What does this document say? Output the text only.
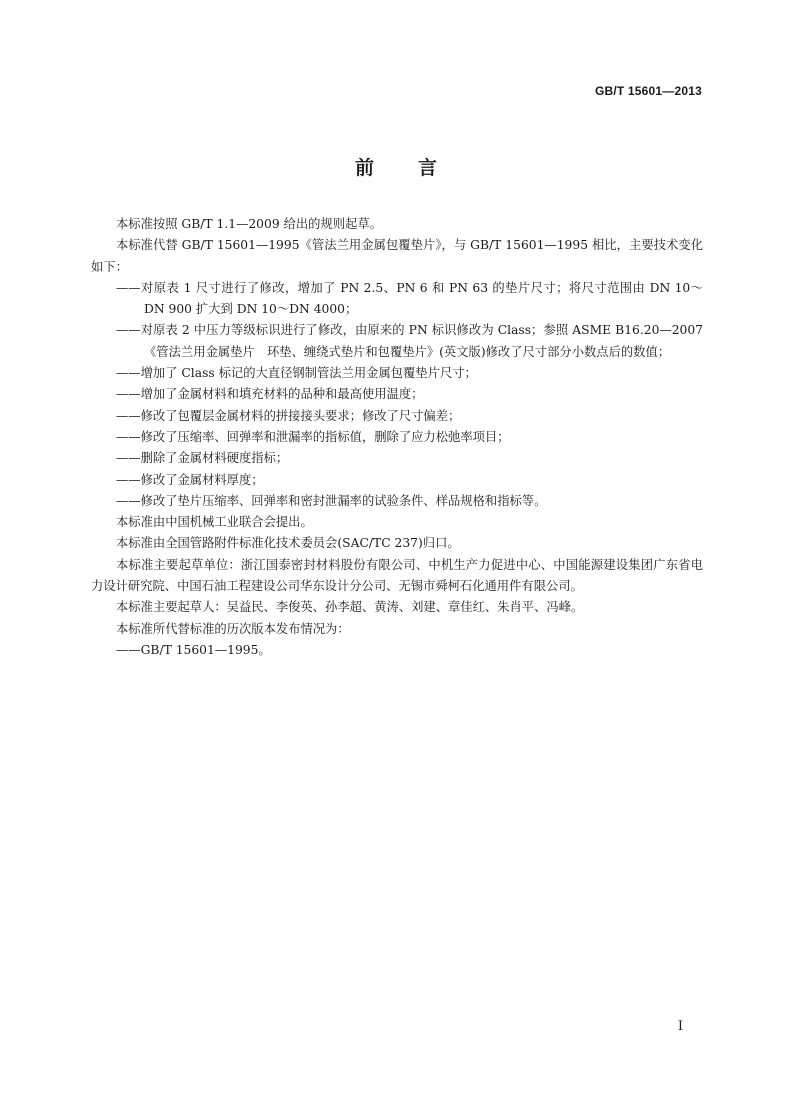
GB/T 15601—2013
前言

本标准按照 GB/T 1.1—2009 给出的规则起草。

本标准代替 GB/T 15601—1995《管法兰用金属包覆垫片》，与 GB/T 15601—1995 相比，主要技术变化如下：

——对原表 1 尺寸进行了修改，增加了 PN 2.5、PN 6 和 PN 63 的垫片尺寸；将尺寸范围由 DN 10～DN 900 扩大到 DN 10～DN 4000；

——对原表 2 中压力等级标识进行了修改，由原来的 PN 标识修改为 Class；参照 ASME B16.20—2007《管法兰用金属垫片　环垫、缠绕式垫片和包覆垫片》(英文版)修改了尺寸部分小数点后的数值；

——增加了 Class 标记的大直径钢制管法兰用金属包覆垫片尺寸；

——增加了金属材料和填充材料的品种和最高使用温度；

——修改了包覆层金属材料的拼接接头要求；修改了尺寸偏差；

——修改了压缩率、回弹率和泄漏率的指标值，删除了应力松弛率项目；

——删除了金属材料硬度指标；

——修改了金属材料厚度；

——修改了垫片压缩率、回弹率和密封泄漏率的试验条件、样品规格和指标等。

本标准由中国机械工业联合会提出。

本标准由全国管路附件标准化技术委员会(SAC/TC 237)归口。

本标准主要起草单位：浙江国泰密封材料股份有限公司、中机生产力促进中心、中国能源建设集团广东省电力设计研究院、中国石油工程建设公司华东设计分公司、无锡市舜柯石化通用件有限公司。

本标准主要起草人：吴益民、李俊英、孙李超、黄涛、刘建、章佳红、朱肖平、冯峰。

本标准所代替标准的历次版本发布情况为：

——GB/T 15601—1995。

I
